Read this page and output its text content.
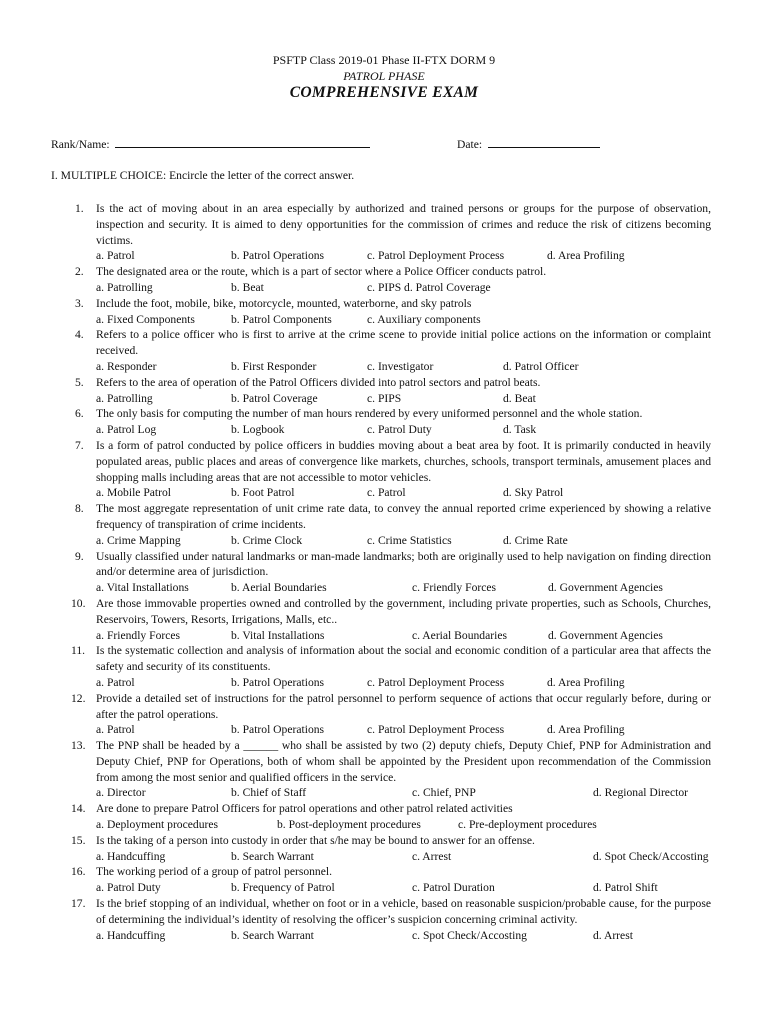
PSFTP Class 2019-01 Phase II-FTX DORM 9
PATROL PHASE
COMPREHENSIVE EXAM
Rank/Name:	Date:
I. MULTIPLE CHOICE: Encircle the letter of the correct answer.
1. Is the act of moving about in an area especially by authorized and trained persons or groups for the purpose of observation, inspection and security. It is aimed to deny opportunities for the commission of crimes and reduce the risk of citizens becoming victims.
a. Patrol	b. Patrol Operations	c. Patrol Deployment Process	d. Area Profiling
2. The designated area or the route, which is a part of sector where a Police Officer conducts patrol.
a. Patrolling	b. Beat	c. PIPS d. Patrol Coverage
3. Include the foot, mobile, bike, motorcycle, mounted, waterborne, and sky patrols
a. Fixed Components	b. Patrol Components	c. Auxiliary components
4. Refers to a police officer who is first to arrive at the crime scene to provide initial police actions on the information or complaint received.
a. Responder	b. First Responder	c. Investigator	d. Patrol Officer
5. Refers to the area of operation of the Patrol Officers divided into patrol sectors and patrol beats.
a. Patrolling	b. Patrol Coverage	c. PIPS	d. Beat
6. The only basis for computing the number of man hours rendered by every uniformed personnel and the whole station.
a. Patrol Log	b. Logbook	c. Patrol Duty	d. Task
7. Is a form of patrol conducted by police officers in buddies moving about a beat area by foot. It is primarily conducted in heavily populated areas, public places and areas of convergence like markets, churches, schools, transport terminals, amusement places and shopping malls including areas that are not accessible to motor vehicles.
a. Mobile Patrol	b. Foot Patrol	c. Patrol	d. Sky Patrol
8. The most aggregate representation of unit crime rate data, to convey the annual reported crime experienced by showing a relative frequency of transpiration of crime incidents.
a. Crime Mapping	b. Crime Clock	c. Crime Statistics	d. Crime Rate
9. Usually classified under natural landmarks or man-made landmarks; both are originally used to help navigation on finding direction and/or determine area of jurisdiction.
a. Vital Installations	b. Aerial Boundaries	c. Friendly Forces	d. Government Agencies
10. Are those immovable properties owned and controlled by the government, including private properties, such as Schools, Churches, Reservoirs, Towers, Resorts, Irrigations, Malls, etc..
a. Friendly Forces	b. Vital Installations	c. Aerial Boundaries	d. Government Agencies
11. Is the systematic collection and analysis of information about the social and economic condition of a particular area that affects the safety and security of its constituents.
a. Patrol	b. Patrol Operations	c. Patrol Deployment Process	d. Area Profiling
12. Provide a detailed set of instructions for the patrol personnel to perform sequence of actions that occur regularly before, during or after the patrol operations.
a. Patrol	b. Patrol Operations	c. Patrol Deployment Process	d. Area Profiling
13. The PNP shall be headed by a ______ who shall be assisted by two (2) deputy chiefs, Deputy Chief, PNP for Administration and Deputy Chief, PNP for Operations, both of whom shall be appointed by the President upon recommendation of the Commission from among the most senior and qualified officers in the service.
a. Director	b. Chief of Staff	c. Chief, PNP	d. Regional Director
14. Are done to prepare Patrol Officers for patrol operations and other patrol related activities
a. Deployment procedures	b. Post-deployment procedures	c. Pre-deployment procedures
15. Is the taking of a person into custody in order that s/he may be bound to answer for an offense.
a. Handcuffing	b. Search Warrant	c. Arrest	d. Spot Check/Accosting
16. The working period of a group of patrol personnel.
a. Patrol Duty	b. Frequency of Patrol	c. Patrol Duration	d. Patrol Shift
17. Is the brief stopping of an individual, whether on foot or in a vehicle, based on reasonable suspicion/probable cause, for the purpose of determining the individual’s identity of resolving the officer’s suspicion concerning criminal activity.
a. Handcuffing	b. Search Warrant	c. Spot Check/Accosting	d. Arrest
